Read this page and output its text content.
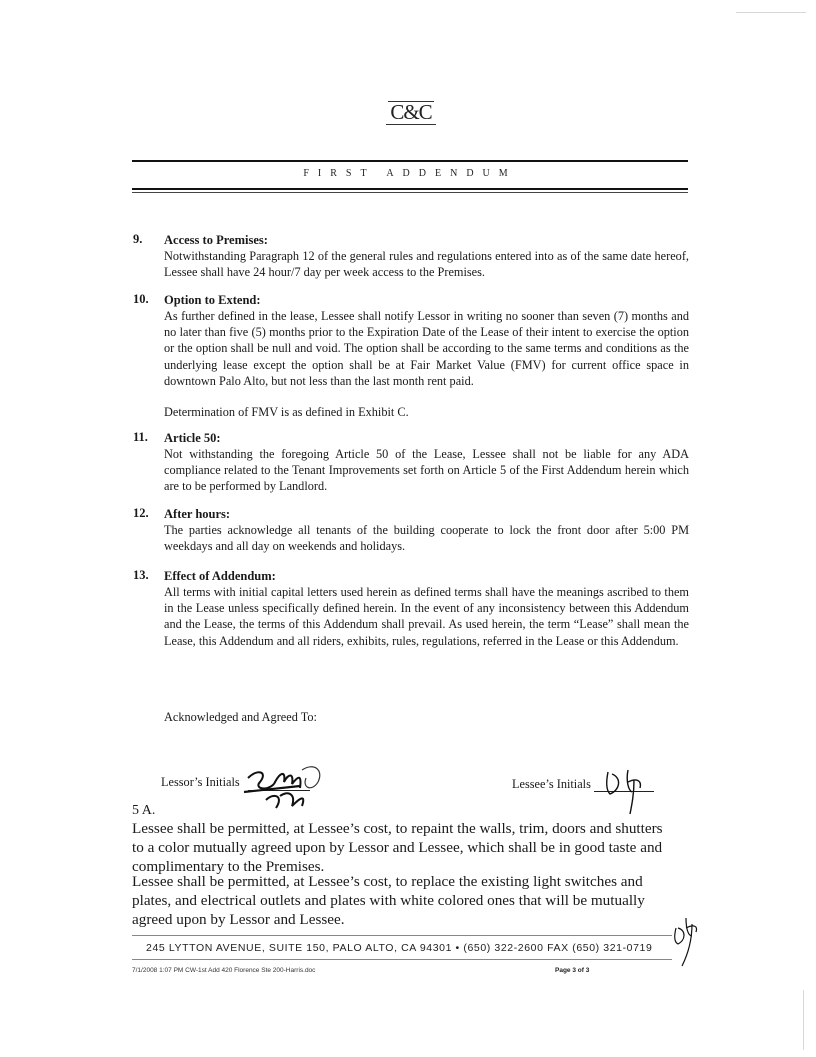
C&C
FIRST ADDENDUM
9. Access to Premises:
Notwithstanding Paragraph 12 of the general rules and regulations entered into as of the same date hereof, Lessee shall have 24 hour/7 day per week access to the Premises.
10. Option to Extend:
As further defined in the lease, Lessee shall notify Lessor in writing no sooner than seven (7) months and no later than five (5) months prior to the Expiration Date of the Lease of their intent to exercise the option or the option shall be null and void. The option shall be according to the same terms and conditions as the underlying lease except the option shall be at Fair Market Value (FMV) for current office space in downtown Palo Alto, but not less than the last month rent paid.
Determination of FMV is as defined in Exhibit C.
11. Article 50:
Not withstanding the foregoing Article 50 of the Lease, Lessee shall not be liable for any ADA compliance related to the Tenant Improvements set forth on Article 5 of the First Addendum herein which are to be performed by Landlord.
12. After hours:
The parties acknowledge all tenants of the building cooperate to lock the front door after 5:00 PM weekdays and all day on weekends and holidays.
13. Effect of Addendum:
All terms with initial capital letters used herein as defined terms shall have the meanings ascribed to them in the Lease unless specifically defined herein. In the event of any inconsistency between this Addendum and the Lease, the terms of this Addendum shall prevail. As used herein, the term “Lease” shall mean the Lease, this Addendum and all riders, exhibits, rules, regulations, referred in the Lease or this Addendum.
Acknowledged and Agreed To:
Lessor’s Initials	Lessee’s Initials
5 A.
Lessee shall be permitted, at Lessee’s cost, to repaint the walls, trim, doors and shutters to a color mutually agreed upon by Lessor and Lessee, which shall be in good taste and complimentary to the Premises.
Lessee shall be permitted, at Lessee’s cost, to replace the existing light switches and plates, and electrical outlets and plates with white colored ones that will be mutually agreed upon by Lessor and Lessee.
245 LYTTON AVENUE, SUITE 150, PALO ALTO, CA 94301 • (650) 322-2600 FAX (650) 321-0719
7/1/2008 1:07 PM CW-1st Add 420 Florence Ste 200-Harris.doc	Page 3 of 3
